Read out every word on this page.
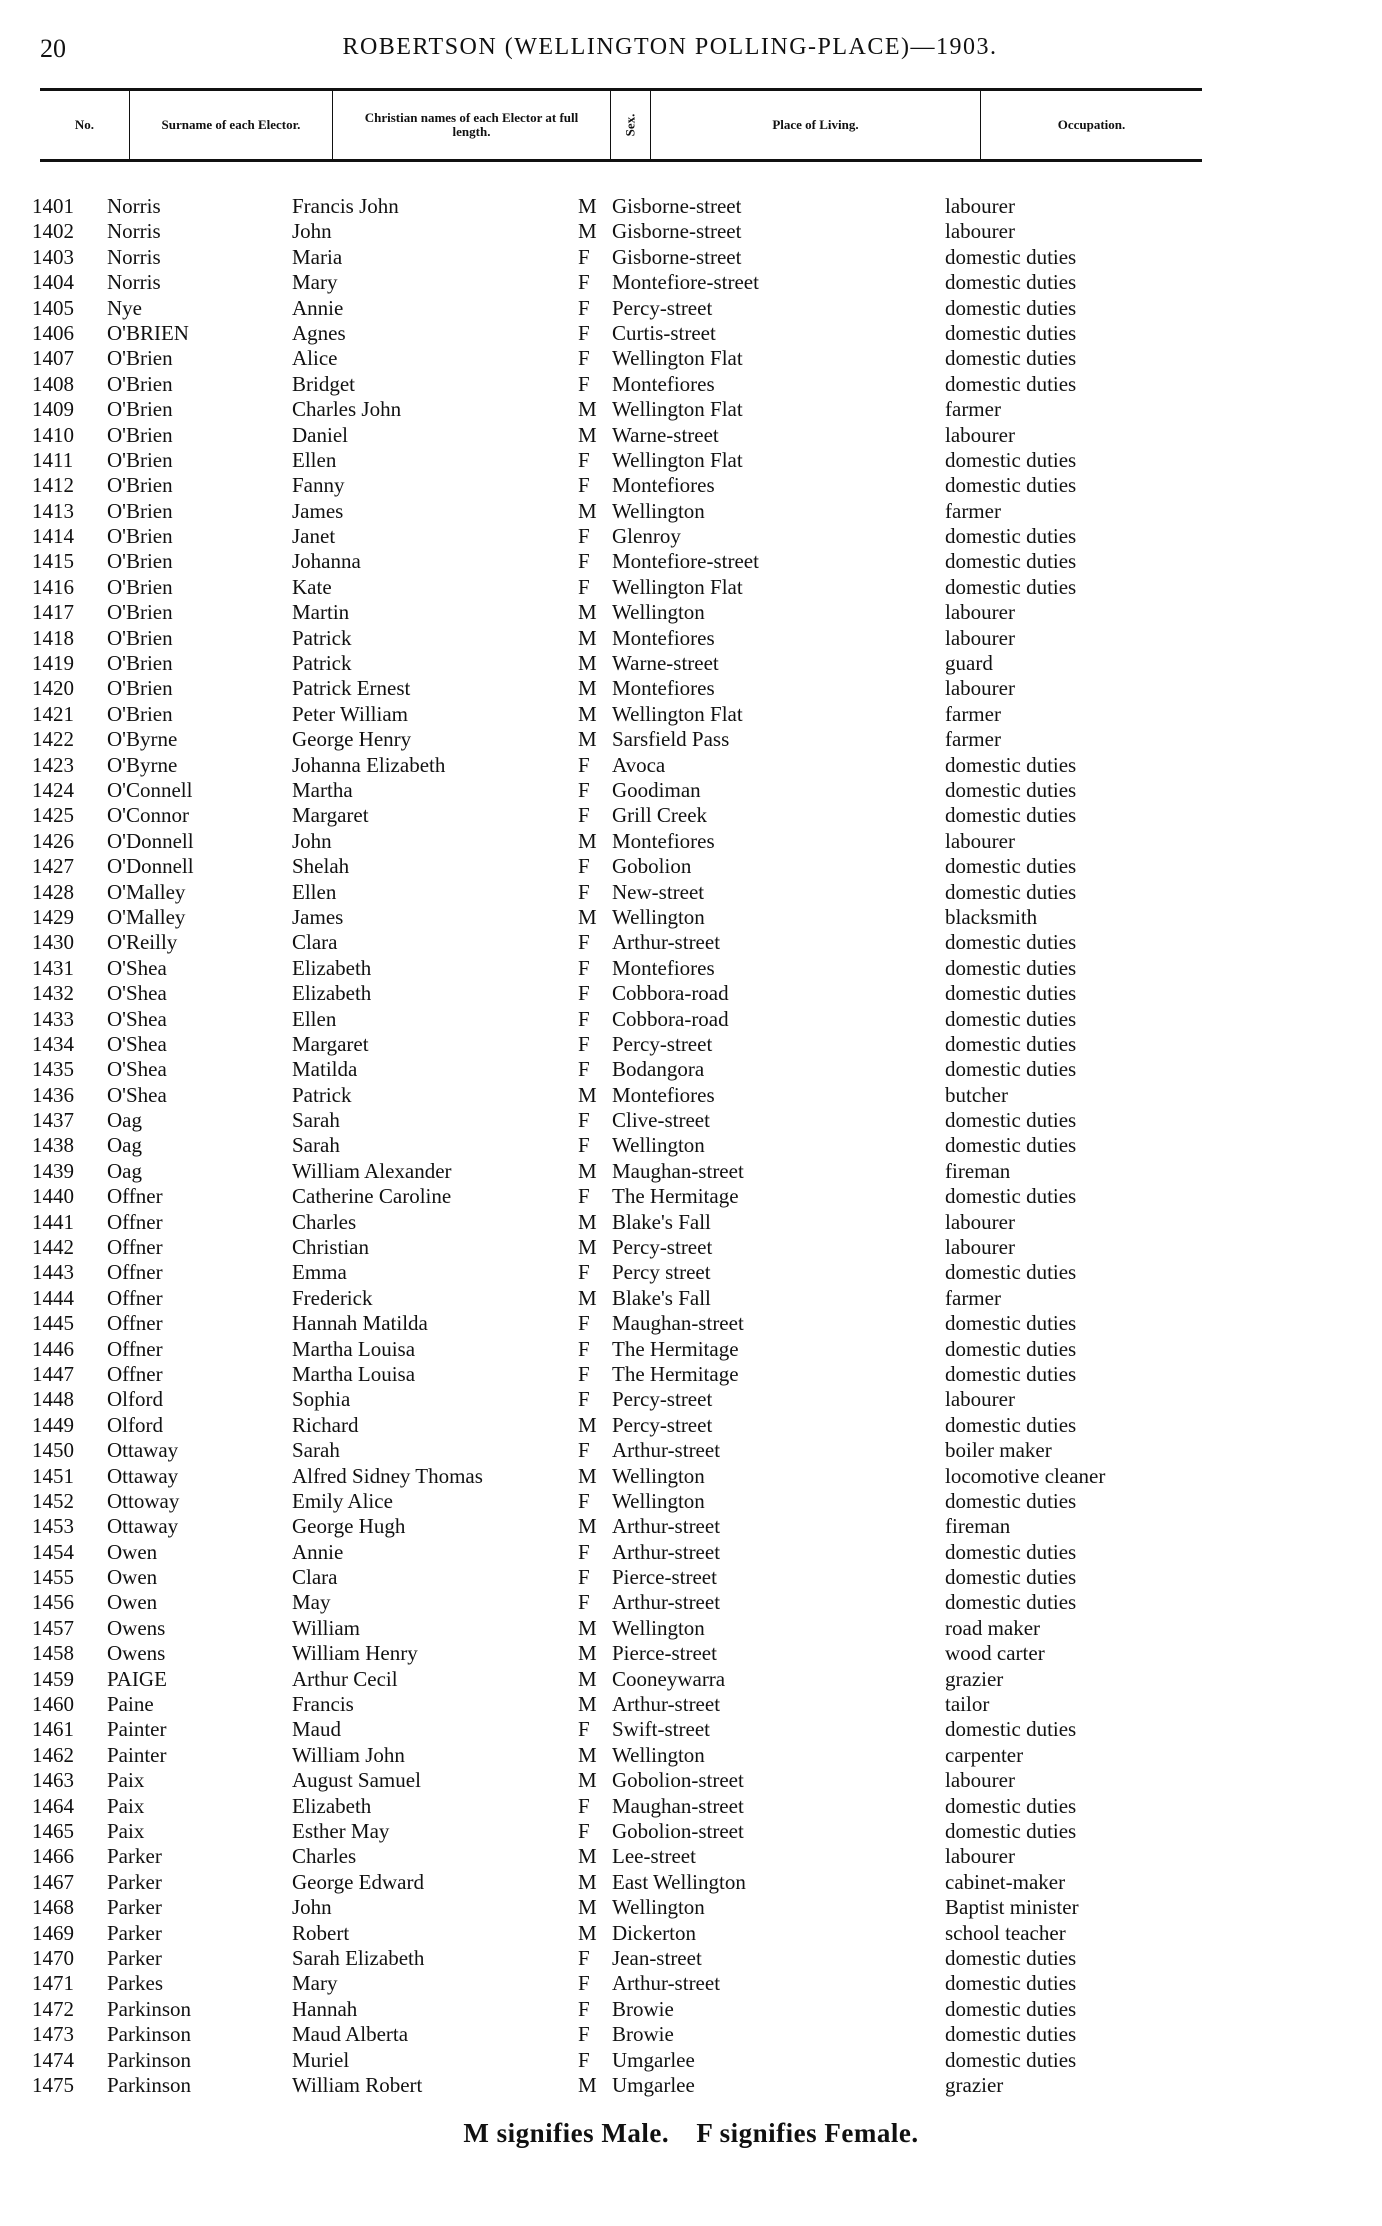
20	ROBERTSON (WELLINGTON POLLING-PLACE)—1903.
No.	Surname of each Elector.	Christian names of each Elector at full length.	Sex.	Place of Living.	Occupation.
1401	Norris	Francis John	M Gisborne-street	labourer
1402	Norris	John	M Gisborne-street	labourer
1403	Norris	Maria	F	Gisborne-street	domestic duties
1404	Norris	Mary	F	Montefiore-street	domestic duties
1405	Nye	Annie	F	Percy-street	domestic duties
1406	O'BRIEN	Agnes	F	Curtis-street	domestic duties
1407	O'Brien	Alice	F	Wellington Flat	domestic duties
1408	O'Brien	Bridget	F	Montefiores	domestic duties
1409	O'Brien	Charles John	M Wellington Flat	farmer
1410	O'Brien	Daniel	M Warne-street	labourer
1411	O'Brien	Ellen	F	Wellington Flat	domestic duties
1412	O'Brien	Fanny	F	Montefiores	domestic duties
1413	O'Brien	James	M Wellington	farmer
1414	O'Brien	Janet	F	Glenroy	domestic duties
1415	O'Brien	Johanna	F	Montefiore-street	domestic duties
1416	O'Brien	Kate	F	Wellington Flat	domestic duties
1417	O'Brien	Martin	M Wellington	labourer
1418	O'Brien	Patrick	M Montefiores	labourer
1419	O'Brien	Patrick	M Warne-street	guard
1420	O'Brien	Patrick Ernest	M Montefiores	labourer
1421	O'Brien	Peter William	M Wellington Flat	farmer
1422	O'Byrne	George Henry	M Sarsfield Pass	farmer
1423	O'Byrne	Johanna Elizabeth	F	Avoca	domestic duties
1424	O'Connell	Martha	F	Goodiman	domestic duties
1425	O'Connor	Margaret	F	Grill Creek	domestic duties
1426	O'Donnell	John	M Montefiores	labourer
1427	O'Donnell	Shelah	F	Gobolion	domestic duties
1428	O'Malley	Ellen	F	New-street	domestic duties
1429	O'Malley	James	M Wellington	blacksmith
1430	O'Reilly	Clara	F	Arthur-street	domestic duties
1431	O'Shea	Elizabeth	F	Montefiores	domestic duties
1432	O'Shea	Elizabeth	F	Cobbora-road	domestic duties
1433	O'Shea	Ellen	F	Cobbora-road	domestic duties
1434	O'Shea	Margaret	F	Percy-street	domestic duties
1435	O'Shea	Matilda	F	Bodangora	domestic duties
1436	O'Shea	Patrick	M Montefiores	butcher
1437	Oag	Sarah	F	Clive-street	domestic duties
1438	Oag	Sarah	F	Wellington	domestic duties
1439	Oag	William Alexander	M Maughan-street	fireman
1440	Offner	Catherine Caroline	F	The Hermitage	domestic duties
1441	Offner	Charles	M Blake's Fall	labourer
1442	Offner	Christian	M Percy-street	labourer
1443	Offner	Emma	F	Percy street	domestic duties
1444	Offner	Frederick	M Blake's Fall	farmer
1445	Offner	Hannah Matilda	F	Maughan-street	domestic duties
1446	Offner	Martha Louisa	F	The Hermitage	domestic duties
1447	Offner	Martha Louisa	F	The Hermitage	domestic duties
1448	Olford	Sophia	F	Percy-street	labourer
1449	Olford	Richard	M Percy-street	domestic duties
1450	Ottaway	Sarah	F	Arthur-street	boiler maker
1451	Ottaway	Alfred Sidney Thomas	M Wellington	locomotive cleaner
1452	Ottoway	Emily Alice	F	Wellington	domestic duties
1453	Ottaway	George Hugh	M Arthur-street	fireman
1454	Owen	Annie	F	Arthur-street	domestic duties
1455	Owen	Clara	F	Pierce-street	domestic duties
1456	Owen	May	F	Arthur-street	domestic duties
1457	Owens	William	M Wellington	road maker
1458	Owens	William Henry	M Pierce-street	wood carter
1459	PAIGE	Arthur Cecil	M Cooneywarra	grazier
1460	Paine	Francis	M Arthur-street	tailor
1461	Painter	Maud	F	Swift-street	domestic duties
1462	Painter	William John	M Wellington	carpenter
1463	Paix	August Samuel	M Gobolion-street	labourer
1464	Paix	Elizabeth	F	Maughan-street	domestic duties
1465	Paix	Esther May	F	Gobolion-street	domestic duties
1466	Parker	Charles	M Lee-street	labourer
1467	Parker	George Edward	M East Wellington	cabinet-maker
1468	Parker	John	M Wellington	Baptist minister
1469	Parker	Robert	M Dickerton	school teacher
1470	Parker	Sarah Elizabeth	F	Jean-street	domestic duties
1471	Parkes	Mary	F	Arthur-street	domestic duties
1472	Parkinson	Hannah	F	Browie	domestic duties
1473	Parkinson	Maud Alberta	F	Browie	domestic duties
1474	Parkinson	Muriel	F	Umgarlee	domestic duties
1475	Parkinson	William Robert	M Umgarlee	grazier
M signifies Male. F signifies Female.
